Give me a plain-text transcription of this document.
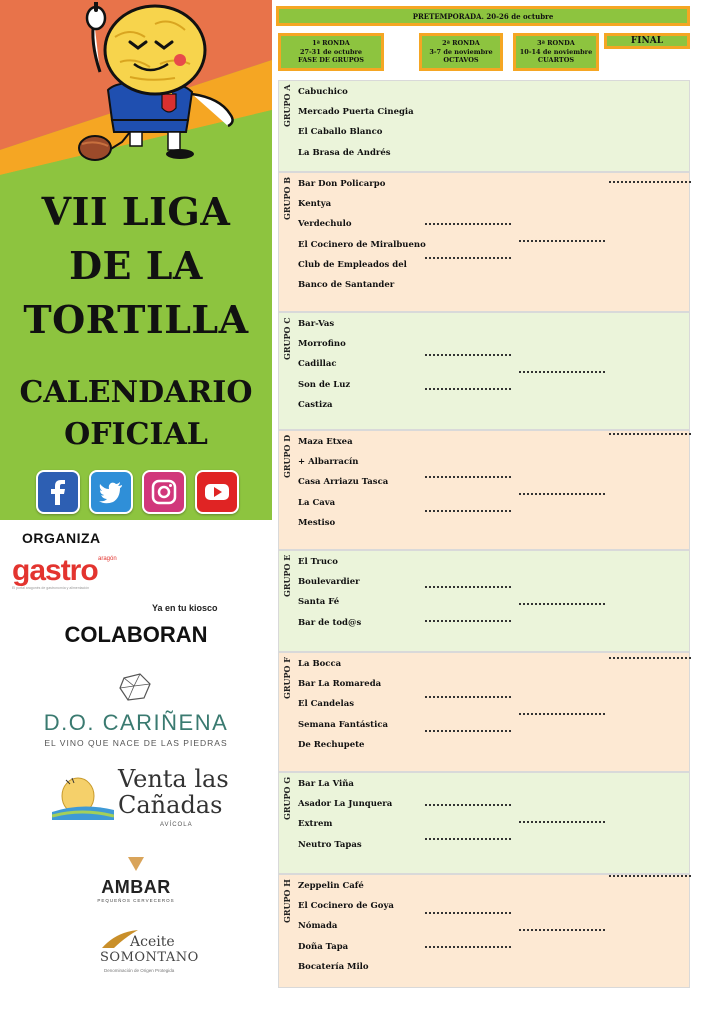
VII LIGA
DE LA
TORTILLA
CALENDARIO
OFICIAL
ORGANIZA
aragón
gastro
El portal aragonés de gastronomía y alimentación
Ya en tu kiosco
COLABORAN
D.O. CARIÑENA
EL VINO QUE NACE DE LAS PIEDRAS
Venta las
Cañadas
AVÍCOLA
AMBAR
PEQUEÑOS CERVECEROS
Aceite
SOMONTANO
Denominación de Origen Protegida
PRETEMPORADA. 20-26 de octubre
1ª RONDA
27-31 de octubre
FASE DE GRUPOS
2ª RONDA
3-7 de noviembre
OCTAVOS
3ª RONDA
10-14 de noviembre
CUARTOS
FINAL
GRUPO A Cabuchico
Mercado Puerta Cinegia
El Caballo Blanco
La Brasa de Andrés
GRUPO B Bar Don Policarpo
Kentya
Verdechulo
El Cocinero de Miralbueno
Club de Empleados del
Banco de Santander
GRUPO C Bar-Vas
Morrofino
Cadillac
Son de Luz
Castiza
GRUPO D Maza Etxea
+ Albarracín
Casa Arriazu Tasca
La Cava
Mestiso
GRUPO E El Truco
Boulevardier
Santa Fé
Bar de tod@s
GRUPO F La Bocca
Bar La Romareda
El Candelas
Semana Fantástica
De Rechupete
GRUPO G Bar La Viña
Asador La Junquera
Extrem
Neutro Tapas
GRUPO H Zeppelin Café
El Cocinero de Goya
Nómada
Doña Tapa
Bocatería Milo
